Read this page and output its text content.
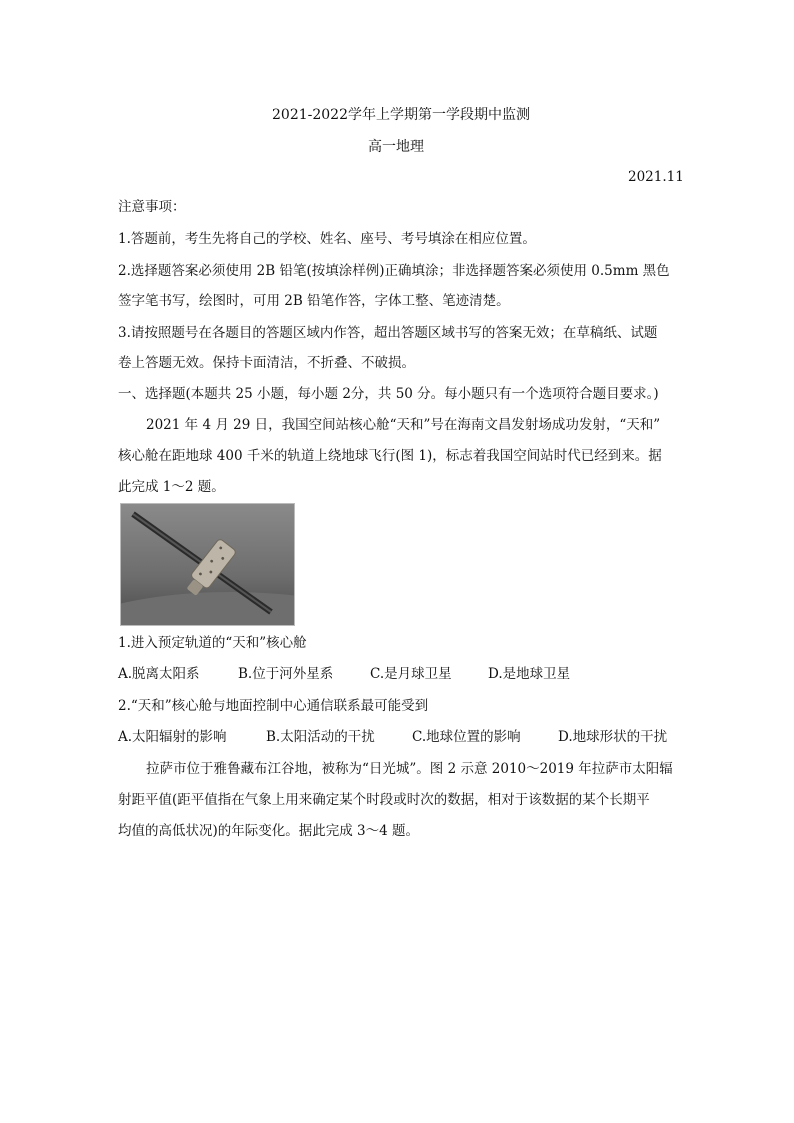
2021-2022学年上学期第一学段期中监测
高一地理
2021.11
注意事项：
1.答题前，考生先将自己的学校、姓名、座号、考号填涂在相应位置。
2.选择题答案必须使用 2B 铅笔(按填涂样例)正确填涂；非选择题答案必须使用 0.5mm 黑色
签字笔书写，绘图时，可用 2B 铅笔作答，字体工整、笔迹清楚。
3.请按照题号在各题目的答题区域内作答，超出答题区域书写的答案无效；在草稿纸、试题
卷上答题无效。保持卡面清洁，不折叠、不破损。
一、选择题(本题共 25 小题，每小题 2分，共 50 分。每小题只有一个选项符合题目要求。)
2021 年 4 月 29 日，我国空间站核心舱“天和”号在海南文昌发射场成功发射，“天和”
核心舱在距地球 400 千米的轨道上绕地球飞行(图 1)，标志着我国空间站时代已经到来。据
此完成 1～2 题。
1.进入预定轨道的“天和”核心舱
A.脱离太阳系	B.位于河外星系	C.是月球卫星	D.是地球卫星
2.“天和”核心舱与地面控制中心通信联系最可能受到
A.太阳辐射的影响	B.太阳活动的干扰	C.地球位置的影响	D.地球形状的干扰
拉萨市位于雅鲁藏布江谷地，被称为“日光城”。图 2 示意 2010～2019 年拉萨市太阳辐
射距平值(距平值指在气象上用来确定某个时段或时次的数据，相对于该数据的某个长期平
均值的高低状况)的年际变化。据此完成 3～4 题。
